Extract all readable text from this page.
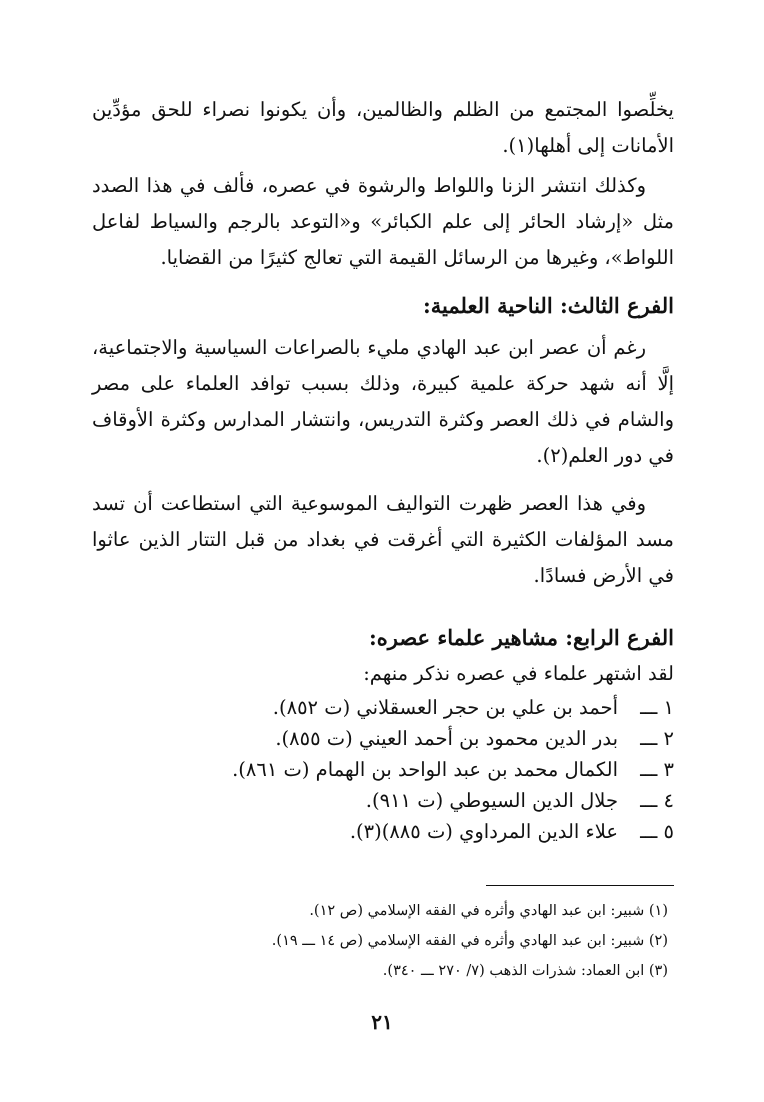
يخلِّصوا المجتمع من الظلم والظالمين، وأن يكونوا نصراء للحق مؤدِّين

الأمانات إلى أهلها(١).

وكذلك انتشر الزنا واللواط والرشوة في عصره، فألف في هذا الصدد مثل «إرشاد الحائر إلى علم الكبائر» و«التوعد بالرجم والسياط لفاعل اللواط»، وغيرها من الرسائل القيمة التي تعالج كثيرًا من القضايا.

الفرع الثالث: الناحية العلمية:

رغم أن عصر ابن عبد الهادي مليء بالصراعات السياسية والاجتماعية، إلَّا أنه شهد حركة علمية كبيرة، وذلك بسبب توافد العلماء على مصر والشام في ذلك العصر وكثرة التدريس، وانتشار المدارس وكثرة الأوقاف في دور العلم(٢).

وفي هذا العصر ظهرت التواليف الموسوعية التي استطاعت أن تسد مسد المؤلفات الكثيرة التي أغرقت في بغداد من قبل التتار الذين عاثوا في الأرض فسادًا.

الفرع الرابع: مشاهير علماء عصره:

لقد اشتهر علماء في عصره نذكر منهم:

١ ـــ
أحمد بن علي بن حجر العسقلاني (ت ٨٥٢).
٢ ـــ
بدر الدين محمود بن أحمد العيني (ت ٨٥٥).
٣ ـــ
الكمال محمد بن عبد الواحد بن الهمام (ت ٨٦١).
٤ ـــ
جلال الدين السيوطي (ت ٩١١).
٥ ـــ
علاء الدين المرداوي (ت ٨٨٥)(٣).

(١) شبير: ابن عبد الهادي وأثره في الفقه الإسلامي (ص ١٢).

(٢) شبير: ابن عبد الهادي وأثره في الفقه الإسلامي (ص ١٤ ـــ ١٩).

(٣) ابن العماد: شذرات الذهب (٧/ ٢٧٠ ـــ ٣٤٠).

٢١
